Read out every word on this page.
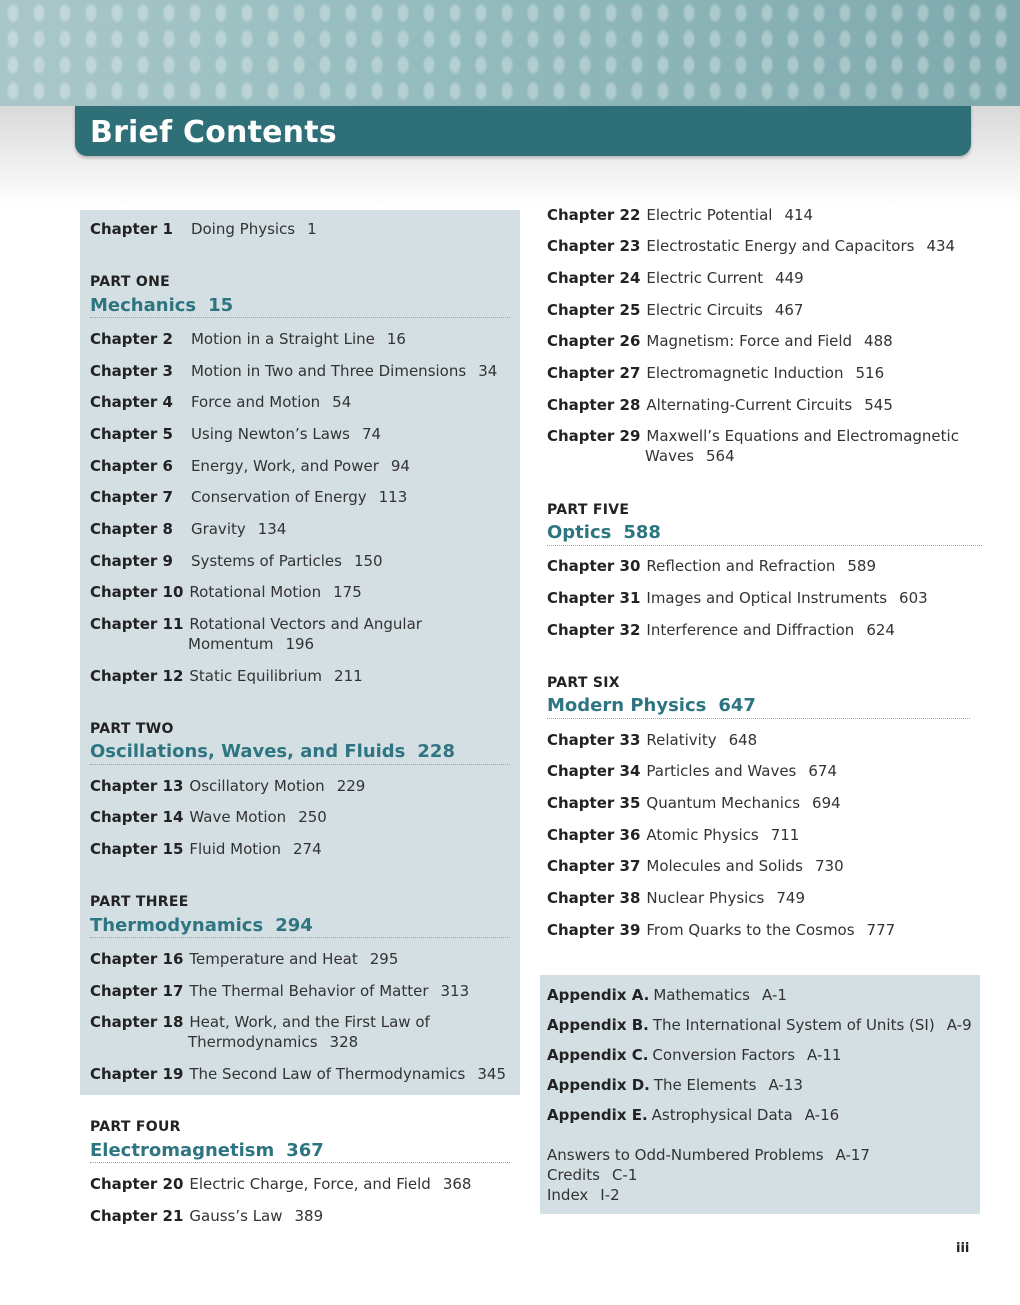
Brief Contents
Chapter 1 Doing Physics 1
PART ONE
Mechanics 15
Chapter 2 Motion in a Straight Line 16
Chapter 3 Motion in Two and Three Dimensions 34
Chapter 4 Force and Motion 54
Chapter 5 Using Newton’s Laws 74
Chapter 6 Energy, Work, and Power 94
Chapter 7 Conservation of Energy 113
Chapter 8 Gravity 134
Chapter 9 Systems of Particles 150
Chapter 10 Rotational Motion 175
Chapter 11 Rotational Vectors and Angular
Momentum 196
Chapter 12 Static Equilibrium 211
PART TWO
Oscillations, Waves, and Fluids 228
Chapter 13 Oscillatory Motion 229
Chapter 14 Wave Motion 250
Chapter 15 Fluid Motion 274
PART THREE
Thermodynamics 294
Chapter 16 Temperature and Heat 295
Chapter 17 The Thermal Behavior of Matter 313
Chapter 18 Heat, Work, and the First Law of
Thermodynamics 328
Chapter 19 The Second Law of Thermodynamics 345
PART FOUR
Electromagnetism 367
Chapter 20 Electric Charge, Force, and Field 368
Chapter 21 Gauss’s Law 389
Chapter 22 Electric Potential 414
Chapter 23 Electrostatic Energy and Capacitors 434
Chapter 24 Electric Current 449
Chapter 25 Electric Circuits 467
Chapter 26 Magnetism: Force and Field 488
Chapter 27 Electromagnetic Induction 516
Chapter 28 Alternating-Current Circuits 545
Chapter 29 Maxwell’s Equations and Electromagnetic
Waves 564
PART FIVE
Optics 588
Chapter 30 Reflection and Refraction 589
Chapter 31 Images and Optical Instruments 603
Chapter 32 Interference and Diffraction 624
PART SIX
Modern Physics 647
Chapter 33 Relativity 648
Chapter 34 Particles and Waves 674
Chapter 35 Quantum Mechanics 694
Chapter 36 Atomic Physics 711
Chapter 37 Molecules and Solids 730
Chapter 38 Nuclear Physics 749
Chapter 39 From Quarks to the Cosmos 777
Appendix A. Mathematics A-1
Appendix B. The International System of Units (SI) A-9
Appendix C. Conversion Factors A-11
Appendix D. The Elements A-13
Appendix E. Astrophysical Data A-16
Answers to Odd-Numbered Problems A-17
Credits C-1
Index I-2
iii
